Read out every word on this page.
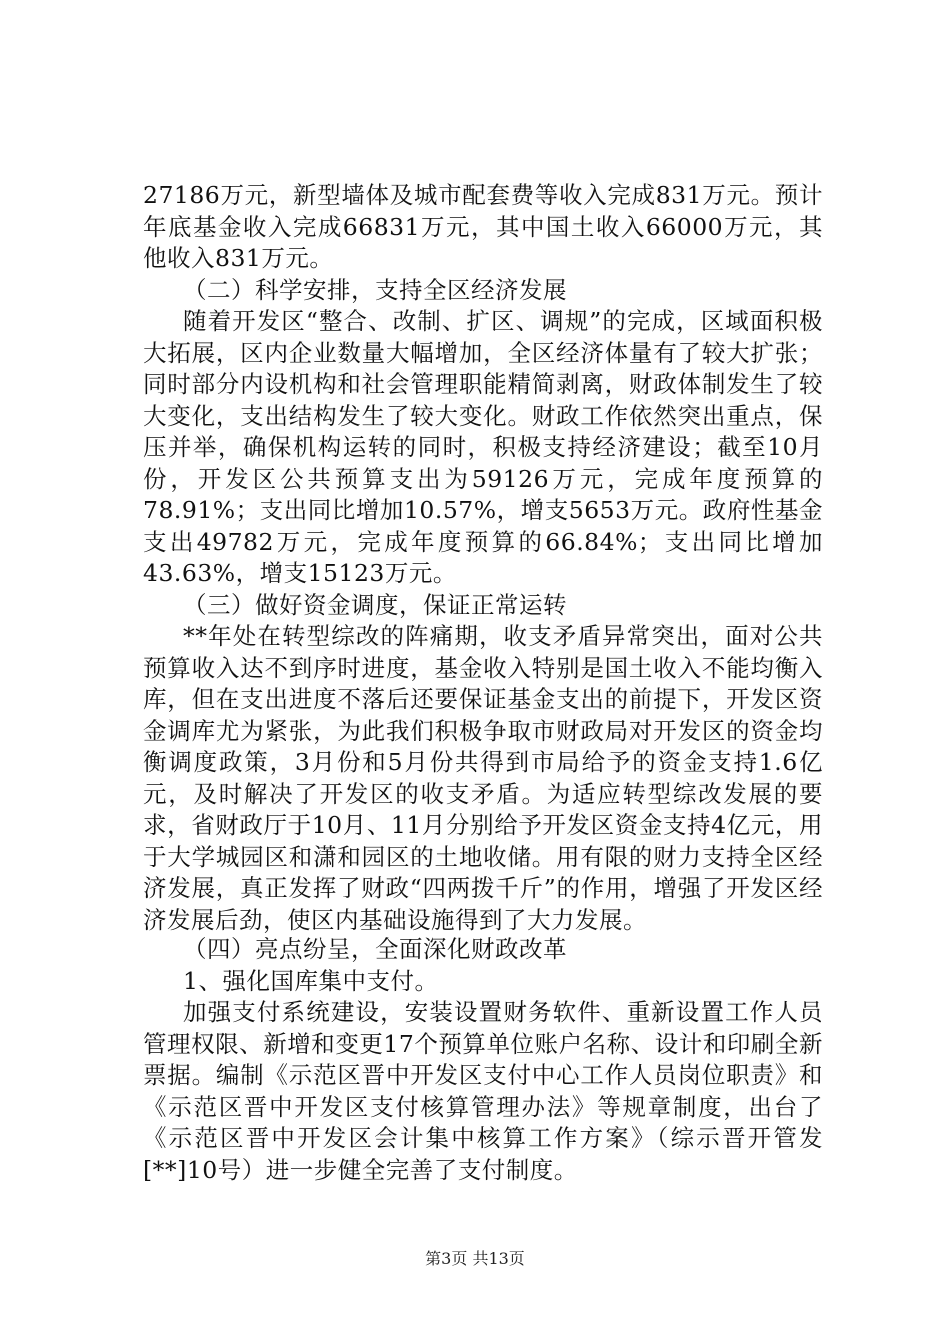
27186万元，新型墙体及城市配套费等收入完成831万元。预计年底基金收入完成66831万元，其中国土收入66000万元，其他收入831万元。

（二）科学安排，支持全区经济发展

随着开发区“整合、改制、扩区、调规”的完成，区域面积极大拓展，区内企业数量大幅增加，全区经济体量有了较大扩张；同时部分内设机构和社会管理职能精简剥离，财政体制发生了较大变化，支出结构发生了较大变化。财政工作依然突出重点，保压并举，确保机构运转的同时，积极支持经济建设；截至10月份，开发区公共预算支出为59126万元，完成年度预算的78.91%；支出同比增加10.57%，增支5653万元。政府性基金支出49782万元，完成年度预算的66.84%；支出同比增加43.63%，增支15123万元。

（三）做好资金调度，保证正常运转

**年处在转型综改的阵痛期，收支矛盾异常突出，面对公共预算收入达不到序时进度，基金收入特别是国土收入不能均衡入库，但在支出进度不落后还要保证基金支出的前提下，开发区资金调库尤为紧张，为此我们积极争取市财政局对开发区的资金均衡调度政策，3月份和5月份共得到市局给予的资金支持1.6亿元，及时解决了开发区的收支矛盾。为适应转型综改发展的要求，省财政厅于10月、11月分别给予开发区资金支持4亿元，用于大学城园区和潇和园区的土地收储。用有限的财力支持全区经济发展，真正发挥了财政“四两拨千斤”的作用，增强了开发区经济发展后劲，使区内基础设施得到了大力发展。

（四）亮点纷呈，全面深化财政改革

1、强化国库集中支付。

加强支付系统建设，安装设置财务软件、重新设置工作人员管理权限、新增和变更17个预算单位账户名称、设计和印刷全新票据。编制《示范区晋中开发区支付中心工作人员岗位职责》和《示范区晋中开发区支付核算管理办法》等规章制度，出台了《示范区晋中开发区会计集中核算工作方案》（综示晋开管发[**]10号）进一步健全完善了支付制度。

第3页 共13页
